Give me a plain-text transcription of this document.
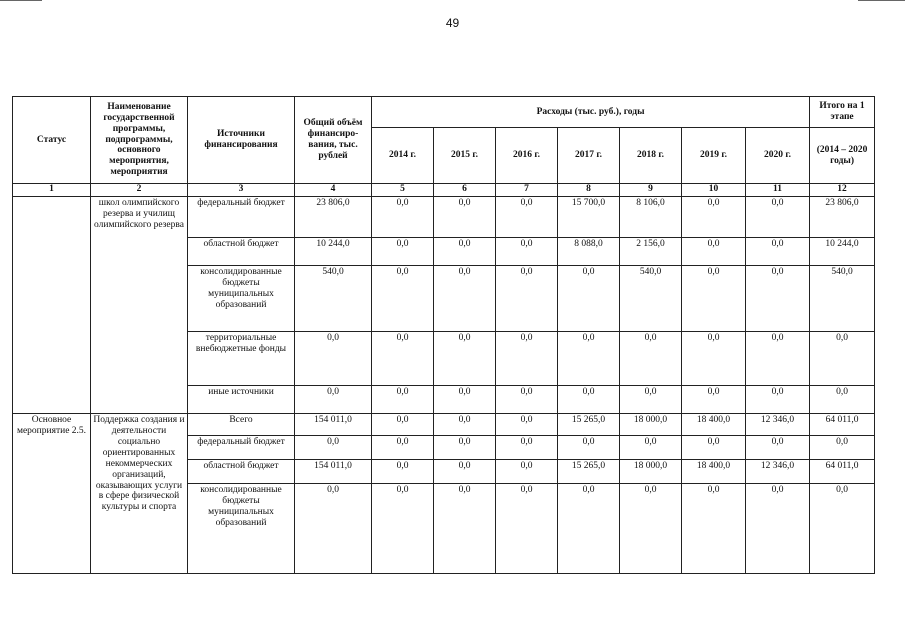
49
Статус	Наименование государственной программы, подпрограммы, основного мероприятия, мероприятия	Источники финансирования	Общий объём финансиро-вания, тыс. рублей	Расходы (тыс. руб.), годы							Итого на 1 этапе
				2014 г.	2015 г.	2016 г.	2017 г.	2018 г.	2019 г.	2020 г.	(2014 – 2020 годы)
1	2	3	4	5	6	7	8	9	10	11	12
	школ олимпийского резерва и училищ олимпийского резерва	федеральный бюджет	23 806,0	0,0	0,0	0,0	15 700,0	8 106,0	0,0	0,0	23 806,0
		областной бюджет	10 244,0	0,0	0,0	0,0	8 088,0	2 156,0	0,0	0,0	10 244,0
		консолидированные бюджеты муниципальных образований	540,0	0,0	0,0	0,0	0,0	540,0	0,0	0,0	540,0
		территориальные внебюджетные фонды	0,0	0,0	0,0	0,0	0,0	0,0	0,0	0,0	0,0
		иные источники	0,0	0,0	0,0	0,0	0,0	0,0	0,0	0,0	0,0
Основное мероприятие 2.5.	Поддержка создания и деятельности социально ориентированных некоммерческих организаций, оказывающих услуги в сфере физической культуры и спорта	Всего	154 011,0	0,0	0,0	0,0	15 265,0	18 000,0	18 400,0	12 346,0	64 011,0
		федеральный бюджет	0,0	0,0	0,0	0,0	0,0	0,0	0,0	0,0	0,0
		областной бюджет	154 011,0	0,0	0,0	0,0	15 265,0	18 000,0	18 400,0	12 346,0	64 011,0
		консолидированные бюджеты муниципальных образований	0,0	0,0	0,0	0,0	0,0	0,0	0,0	0,0	0,0
